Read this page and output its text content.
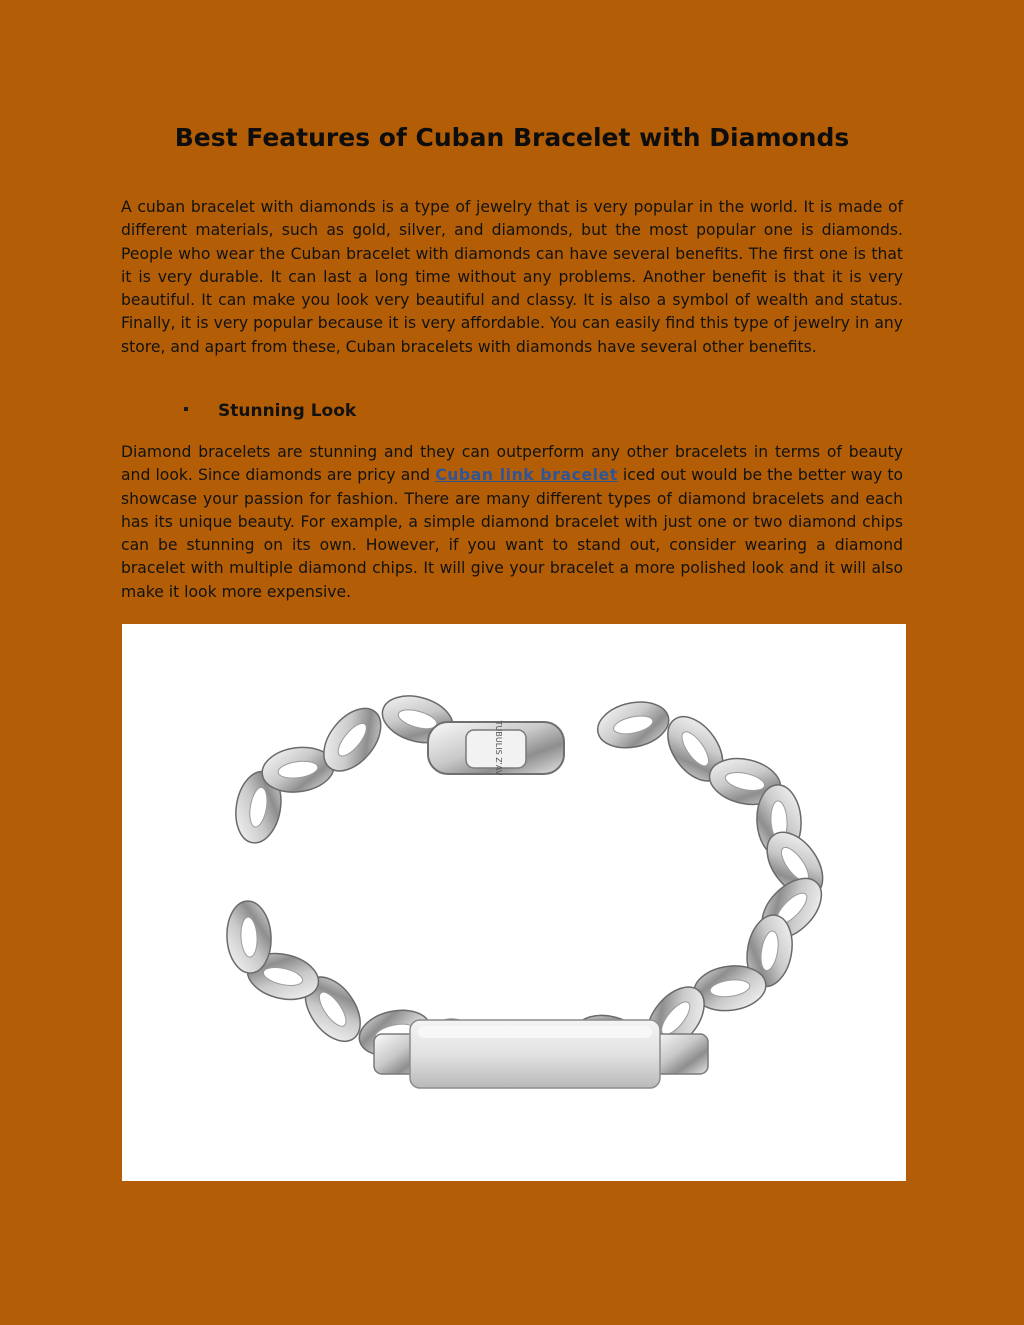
Best Features of Cuban Bracelet with Diamonds

A cuban bracelet with diamonds is a type of jewelry that is very popular in the world. It is made of different materials, such as gold, silver, and diamonds, but the most popular one is diamonds. People who wear the Cuban bracelet with diamonds can have several benefits. The first one is that it is very durable. It can last a long time without any problems. Another benefit is that it is very beautiful. It can make you look very beautiful and classy. It is also a symbol of wealth and status. Finally, it is very popular because it is very affordable. You can easily find this type of jewelry in any store, and apart from these, Cuban bracelets with diamonds have several other benefits.

Stunning Look

Diamond bracelets are stunning and they can outperform any other bracelets in terms of beauty and look. Since diamonds are pricy and Cuban link bracelet iced out would be the better way to showcase your passion for fashion. There are many different types of diamond bracelets and each has its unique beauty. For example, a simple diamond bracelet with just one or two diamond chips can be stunning on its own. However, if you want to stand out, consider wearing a diamond bracelet with multiple diamond chips. It will give your bracelet a more polished look and it will also make it look more expensive.

TUBULIS Z'AV
